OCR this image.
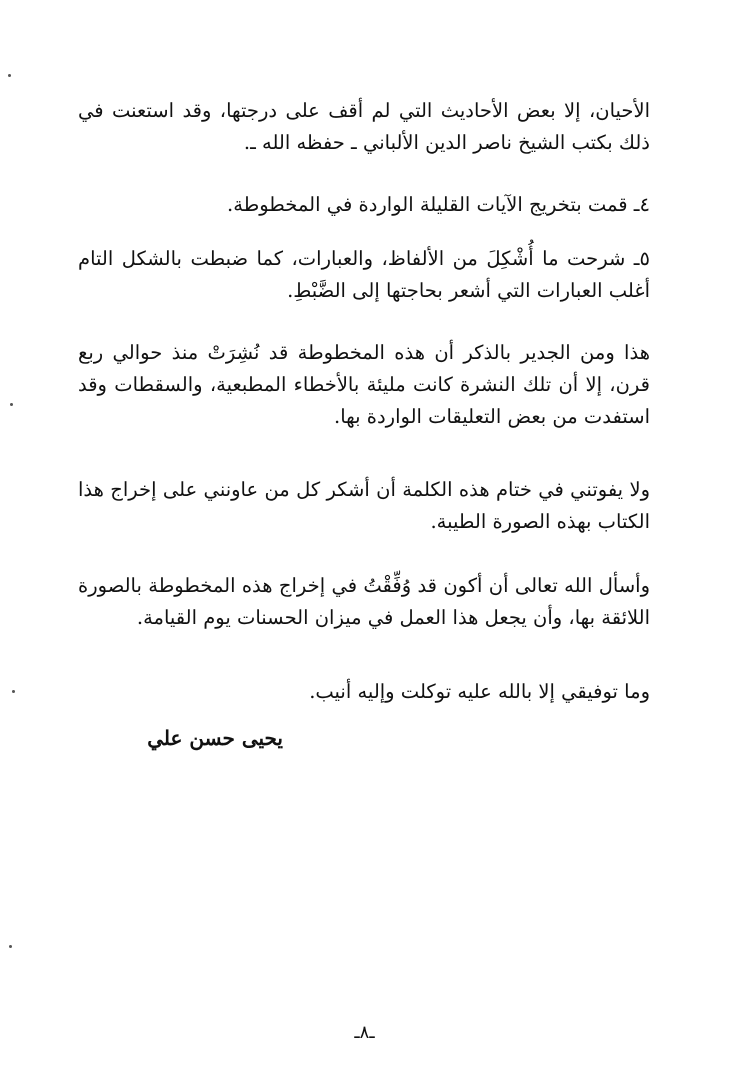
الأحيان، إلا بعض الأحاديث التي لم أقف على درجتها، وقد استعنت في ذلك بكتب الشيخ ناصر الدين الألباني ـ حفظه الله ـ.

٤ـ قمت بتخريج الآيات القليلة الواردة في المخطوطة.

٥ـ شرحت ما أُشْكِلَ من الألفاظ، والعبارات، كما ضبطت بالشكل التام أغلب العبارات التي أشعر بحاجتها إلى الضَّبْطِ.

هذا ومن الجدير بالذكر أن هذه المخطوطة قد نُشِرَتْ منذ حوالي ربع قرن، إلا أن تلك النشرة كانت مليئة بالأخطاء المطبعية، والسقطات وقد استفدت من بعض التعليقات الواردة بها.

ولا يفوتني في ختام هذه الكلمة أن أشكر كل من عاونني على إخراج هذا الكتاب بهذه الصورة الطيبة.

وأسأل الله تعالى أن أكون قد وُفِّقْتُ في إخراج هذه المخطوطة بالصورة اللائقة بها، وأن يجعل هذا العمل في ميزان الحسنات يوم القيامة.

وما توفيقي إلا بالله عليه توكلت وإليه أنيب.

يحيى حسن علي

ـ٨ـ
